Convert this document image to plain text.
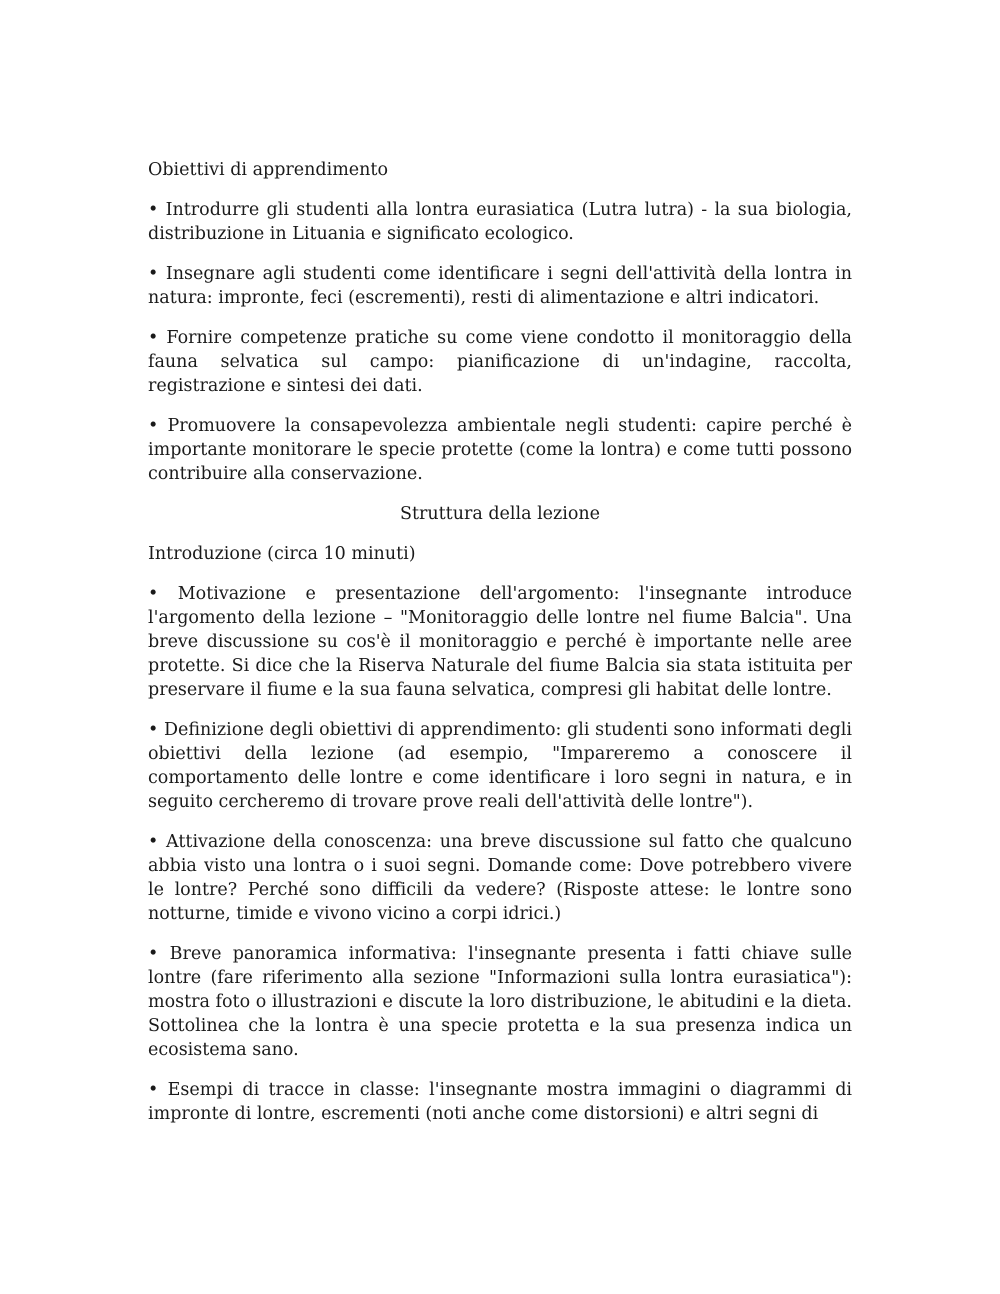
Obiettivi di apprendimento

• Introdurre gli studenti alla lontra eurasiatica (Lutra lutra) - la sua biologia, distribuzione in Lituania e significato ecologico.

• Insegnare agli studenti come identificare i segni dell'attività della lontra in natura: impronte, feci (escrementi), resti di alimentazione e altri indicatori.

• Fornire competenze pratiche su come viene condotto il monitoraggio della fauna selvatica sul campo: pianificazione di un'indagine, raccolta, registrazione e sintesi dei dati.

• Promuovere la consapevolezza ambientale negli studenti: capire perché è importante monitorare le specie protette (come la lontra) e come tutti possono contribuire alla conservazione.

Struttura della lezione

Introduzione (circa 10 minuti)

• Motivazione e presentazione dell'argomento: l'insegnante introduce l'argomento della lezione – "Monitoraggio delle lontre nel fiume Balcia". Una breve discussione su cos'è il monitoraggio e perché è importante nelle aree protette. Si dice che la Riserva Naturale del fiume Balcia sia stata istituita per preservare il fiume e la sua fauna selvatica, compresi gli habitat delle lontre.

• Definizione degli obiettivi di apprendimento: gli studenti sono informati degli obiettivi della lezione (ad esempio, "Impareremo a conoscere il comportamento delle lontre e come identificare i loro segni in natura, e in seguito cercheremo di trovare prove reali dell'attività delle lontre").

• Attivazione della conoscenza: una breve discussione sul fatto che qualcuno abbia visto una lontra o i suoi segni. Domande come: Dove potrebbero vivere le lontre? Perché sono difficili da vedere? (Risposte attese: le lontre sono notturne, timide e vivono vicino a corpi idrici.)

• Breve panoramica informativa: l'insegnante presenta i fatti chiave sulle lontre (fare riferimento alla sezione "Informazioni sulla lontra eurasiatica"): mostra foto o illustrazioni e discute la loro distribuzione, le abitudini e la dieta. Sottolinea che la lontra è una specie protetta e la sua presenza indica un ecosistema sano.

• Esempi di tracce in classe: l'insegnante mostra immagini o diagrammi di impronte di lontre, escrementi (noti anche come distorsioni) e altri segni di
